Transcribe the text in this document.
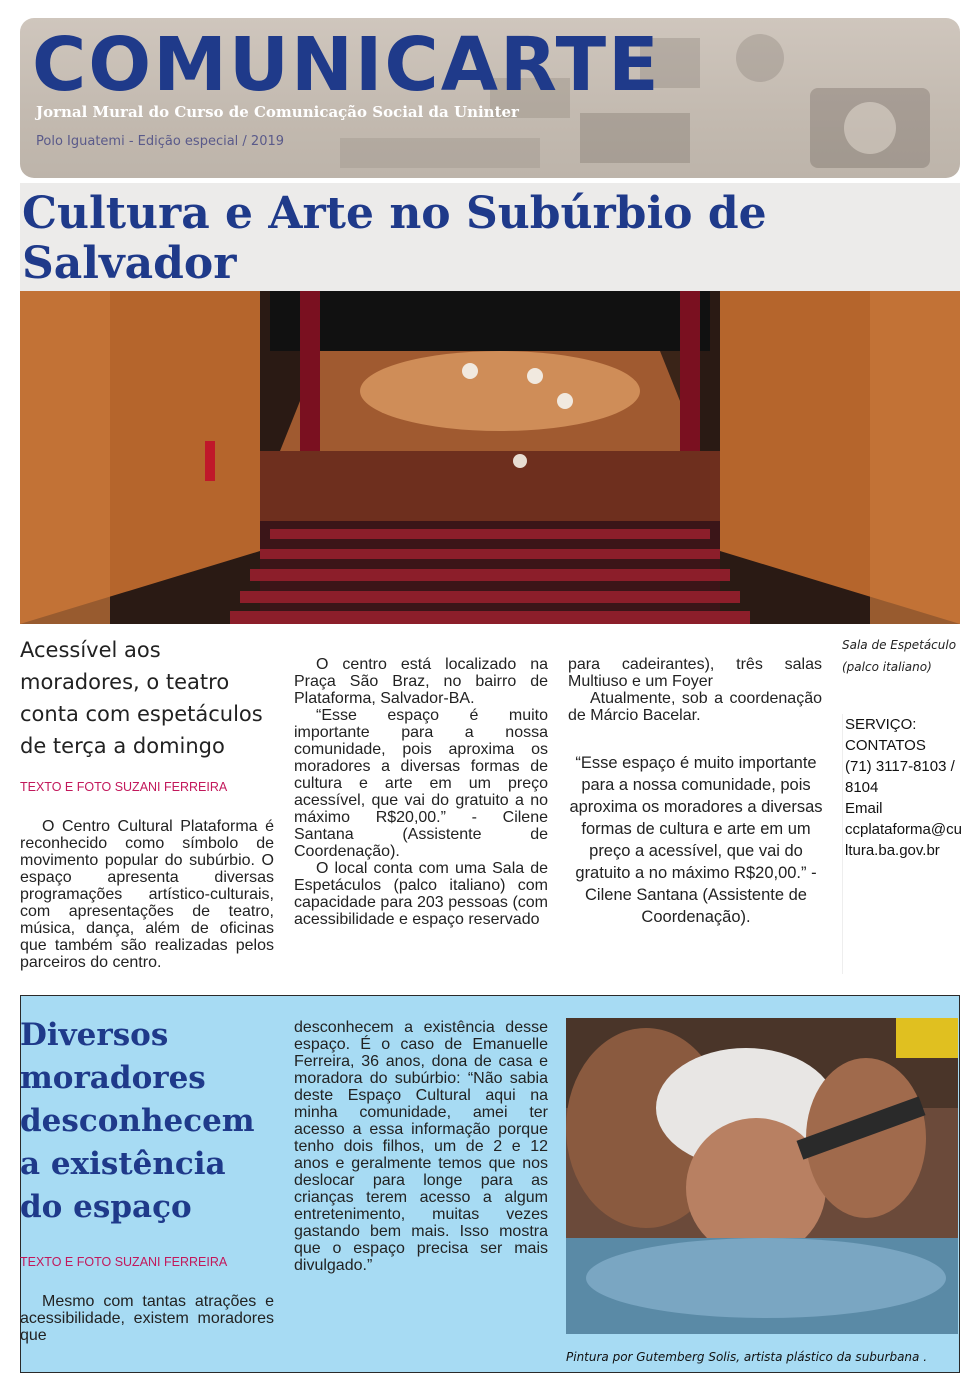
COMUNICARTE
Jornal Mural do Curso de Comunicação Social da Uninter
Polo Iguatemi - Edição especial / 2019
Cultura e Arte no Subúrbio de Salvador

Acessível aos moradores, o teatro conta com espetáculos de terça a domingo

TEXTO E FOTO SUZANI FERREIRA

O Centro Cultural Plataforma é reconhecido como símbolo de movimento popular do subúrbio. O espaço apresenta diversas programações artístico-culturais, com apresentações de teatro, música, dança, além de oficinas que também são realizadas pelos parceiros do centro.

O centro está localizado na Praça São Braz, no bairro de Plataforma, Salvador-BA.

“Esse espaço é muito importante para a nossa comunidade, pois aproxima os moradores a diversas formas de cultura e arte em um preço acessível, que vai do gratuito a no máximo R$20,00.” - Cilene Santana (Assistente de Coordenação).

O local conta com uma Sala de Espetáculos (palco italiano) com capacidade para 203 pessoas (com acessibilidade e espaço reservado

para cadeirantes), três salas Multiuso e um Foyer

Atualmente, sob a coordenação de Márcio Bacelar.

“Esse espaço é muito importante para a nossa comunidade, pois aproxima os moradores a diversas formas de cultura e arte em um preço a acessível, que vai do gratuito a no máximo R$20,00.” - Cilene Santana (Assistente de Coordenação).

Sala de Espetáculo (palco italiano)
SERVIÇO:
CONTATOS
(71) 3117-8103 / 8104
Email
ccplataforma@cultura.ba.gov.br
Diversos moradores desconhecem a existência do espaço
TEXTO E FOTO SUZANI FERREIRA

Mesmo com tantas atrações e acessibilidade, existem moradores que

desconhecem a existência desse espaço. É o caso de Emanuelle Ferreira, 36 anos, dona de casa e moradora do subúrbio: “Não sabia deste Espaço Cultural aqui na minha comunidade, amei ter acesso a essa informação porque tenho dois filhos, um de 2 e 12 anos e geralmente temos que nos deslocar para longe para as crianças terem acesso a algum entretenimento, muitas vezes gastando bem mais. Isso mostra que o espaço precisa ser mais divulgado.”

Pintura por Gutemberg Solis, artista plástico da suburbana .
